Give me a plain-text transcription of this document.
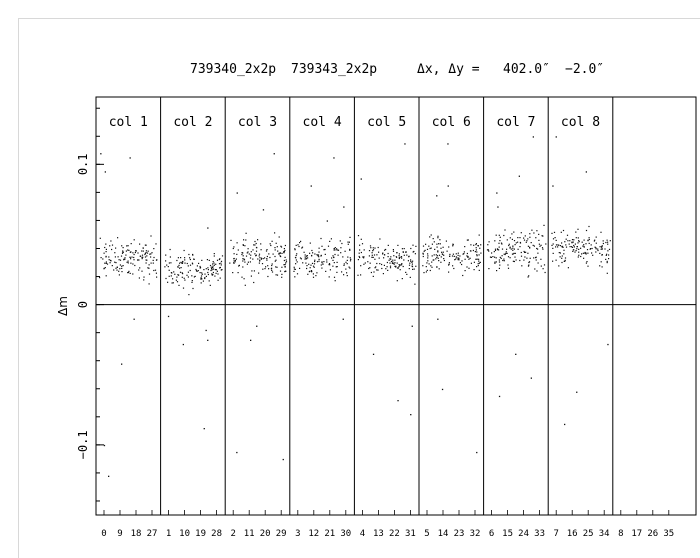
739340_2x2p 739343_2x2p	Δx, Δy = 402.0″ −2.0″
Δm
−0.1
0
0.1
col 1
0 9 18 27
col 2
1 10 19 28
col 3
2 11 20 29
col 4
3 12 21 30
col 5
4 13 22 31
col 6
5 14 23 32
col 7
6 15 24 33
col 8
7 16 25 34 8 17 26 35
